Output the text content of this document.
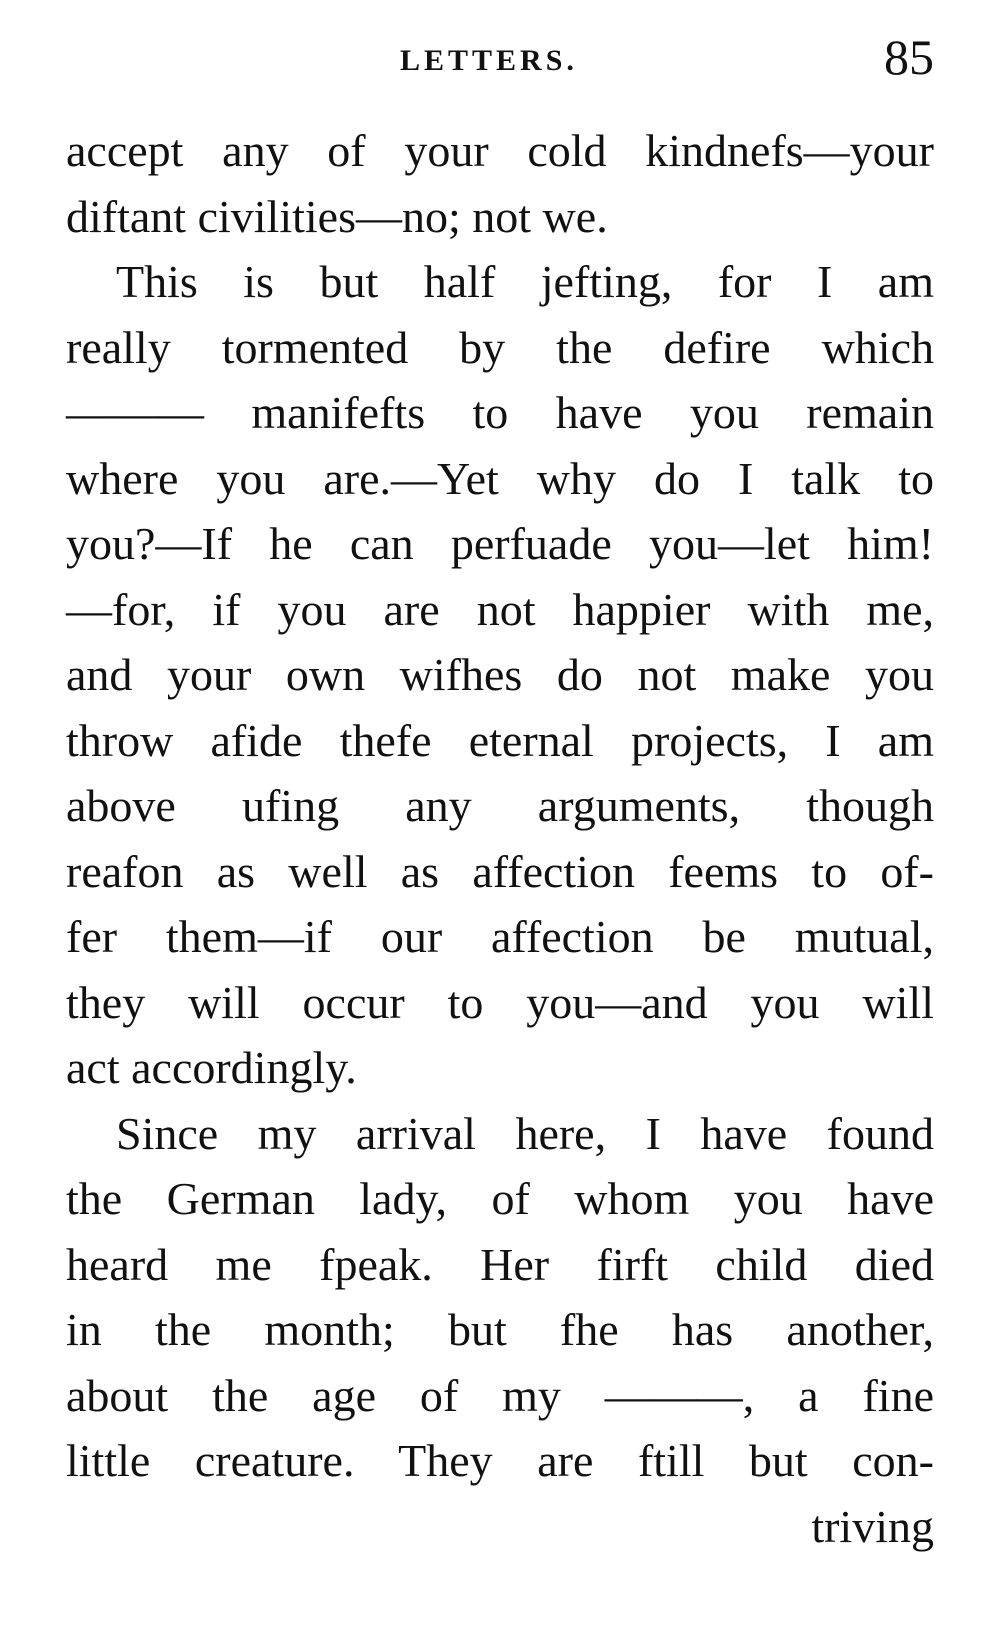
LETTERS.	85
accept any of your cold kindnefs—your
diftant civilities—no; not we.
This is but half jefting, for I am
really tormented by the defire which
——— manifefts to have you remain
where you are.—Yet why do I talk to
you?—If he can perfuade you—let him!
—for, if you are not happier with me,
and your own wifhes do not make you
throw afide thefe eternal projects, I am
above ufing any arguments, though
reafon as well as affection feems to of-
fer them—if our affection be mutual,
they will occur to you—and you will
act accordingly.
Since my arrival here, I have found
the German lady, of whom you have
heard me fpeak. Her firft child died
in the month; but fhe has another,
about the age of my ———, a fine
little creature. They are ftill but con-
triving
